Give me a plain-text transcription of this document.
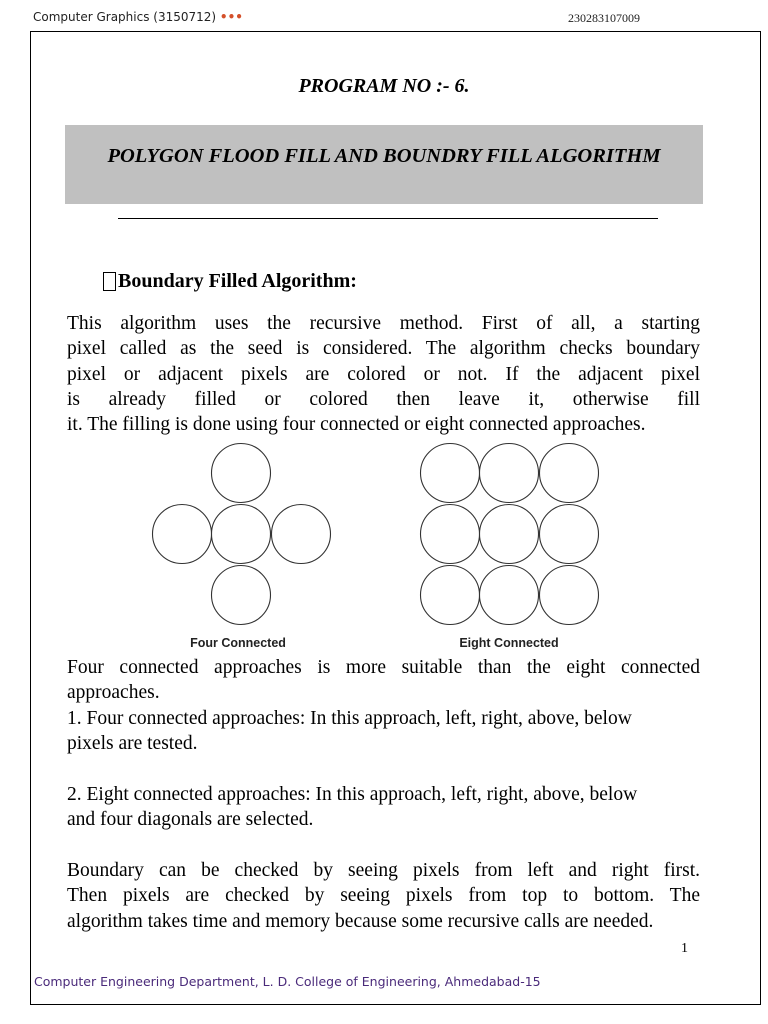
Computer Graphics (3150712) •••	230283107009
PROGRAM NO :- 6.
POLYGON FLOOD FILL AND BOUNDRY FILL ALGORITHM
Boundary Filled Algorithm:
This algorithm uses the recursive method. First of all, a starting
pixel called as the seed is considered. The algorithm checks boundary
pixel or adjacent pixels are colored or not. If the adjacent pixel
is already filled or colored then leave it, otherwise fill
it. The filling is done using four connected or eight connected approaches.
Four Connected	Eight Connected
Four connected approaches is more suitable than the eight connected
approaches.
1. Four connected approaches: In this approach, left, right, above, below
pixels are tested.
2. Eight connected approaches: In this approach, left, right, above, below
and four diagonals are selected.
Boundary can be checked by seeing pixels from left and right first.
Then pixels are checked by seeing pixels from top to bottom. The
algorithm takes time and memory because some recursive calls are needed.
1
Computer Engineering Department, L. D. College of Engineering, Ahmedabad-15
